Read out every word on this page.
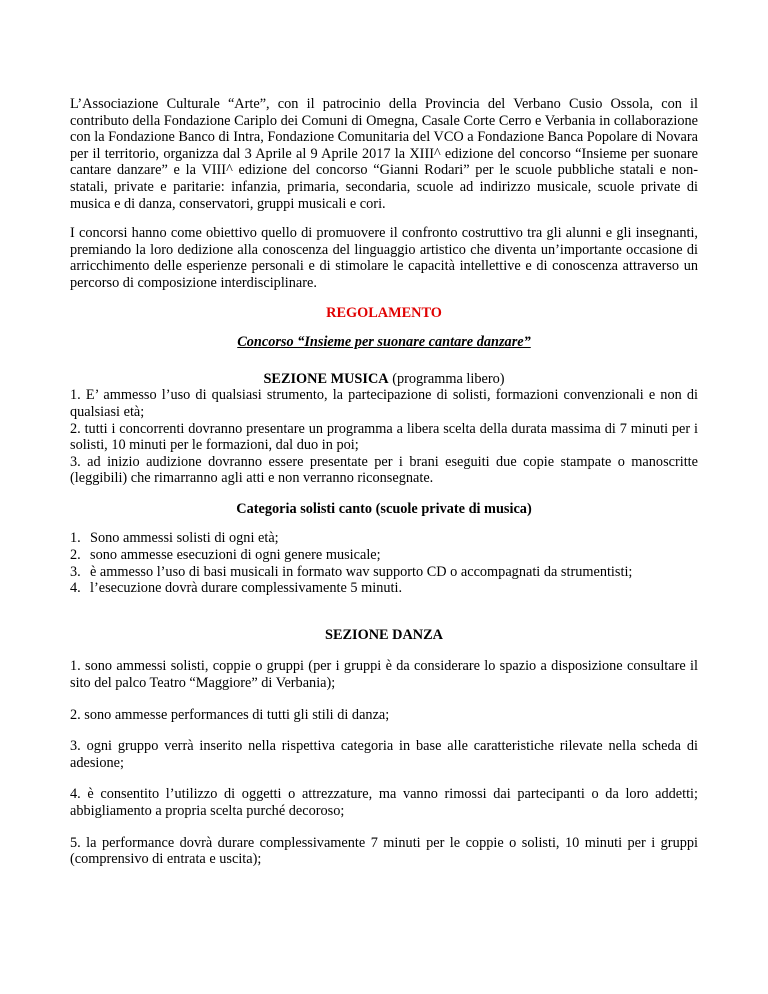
L’Associazione Culturale “Arte”, con il patrocinio della Provincia del Verbano Cusio Ossola, con il contributo della Fondazione Cariplo dei Comuni di Omegna, Casale Corte Cerro e Verbania in collaborazione con la Fondazione Banco di Intra, Fondazione Comunitaria del VCO a Fondazione Banca Popolare di Novara per il territorio, organizza dal 3 Aprile al 9 Aprile 2017 la XIII^ edizione del concorso “Insieme per suonare cantare danzare” e la VIII^ edizione del concorso “Gianni Rodari” per le scuole pubbliche statali e non-statali, private e paritarie: infanzia, primaria, secondaria, scuole ad indirizzo musicale, scuole private di musica e di danza, conservatori, gruppi musicali e cori.

I concorsi hanno come obiettivo quello di promuovere il confronto costruttivo tra gli alunni e gli insegnanti, premiando la loro dedizione alla conoscenza del linguaggio artistico che diventa un’importante occasione di arricchimento delle esperienze personali e di stimolare le capacità intellettive e di conoscenza attraverso un percorso di composizione interdisciplinare.

REGOLAMENTO

Concorso “Insieme per suonare cantare danzare”

SEZIONE MUSICA (programma libero)

1. E’ ammesso l’uso di qualsiasi strumento, la partecipazione di solisti, formazioni convenzionali e non di qualsiasi età;

2. tutti i concorrenti dovranno presentare un programma a libera scelta della durata massima di 7 minuti per i solisti, 10 minuti per le formazioni, dal duo in poi;

3. ad inizio audizione dovranno essere presentate per i brani eseguiti due copie stampate o manoscritte (leggibili) che rimarranno agli atti e non verranno riconsegnate.

Categoria solisti canto (scuole private di musica)

1. Sono ammessi solisti di ogni età;
2. sono ammesse esecuzioni di ogni genere musicale;
3. è ammesso l’uso di basi musicali in formato wav supporto CD o accompagnati da strumentisti;
4. l’esecuzione dovrà durare complessivamente 5 minuti.

SEZIONE DANZA

1. sono ammessi solisti, coppie o gruppi (per i gruppi è da considerare lo spazio a disposizione consultare il sito del palco Teatro “Maggiore” di Verbania);

2. sono ammesse performances di tutti gli stili di danza;

3. ogni gruppo verrà inserito nella rispettiva categoria in base alle caratteristiche rilevate nella scheda di adesione;

4. è consentito l’utilizzo di oggetti o attrezzature, ma vanno rimossi dai partecipanti o da loro addetti; abbigliamento a propria scelta purché decoroso;

5. la performance dovrà durare complessivamente 7 minuti per le coppie o solisti, 10 minuti per i gruppi (comprensivo di entrata e uscita);
